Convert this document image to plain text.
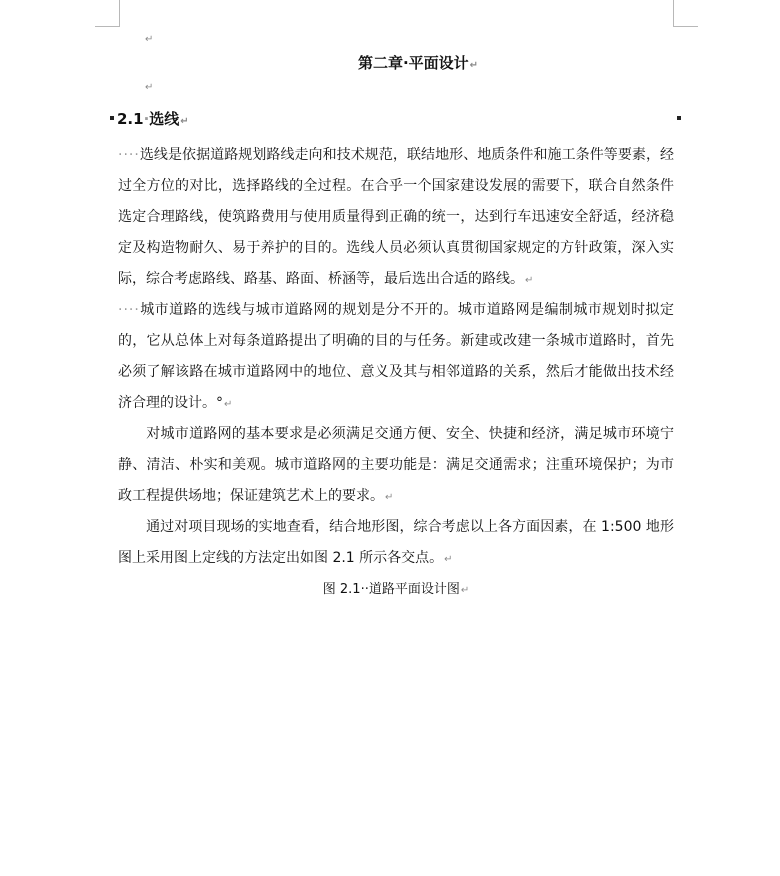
↵
第二章·平面设计↵
↵
2.1·选线↵

····选线是依据道路规划路线走向和技术规范，联结地形、地质条件和施工条件等要素，经过全方位的对比，选择路线的全过程。在合乎一个国家建设发展的需要下，联合自然条件选定合理路线，使筑路费用与使用质量得到正确的统一，达到行车迅速安全舒适，经济稳定及构造物耐久、易于养护的目的。选线人员必须认真贯彻国家规定的方针政策，深入实际，综合考虑路线、路基、路面、桥涵等，最后选出合适的路线。↵

····城市道路的选线与城市道路网的规划是分不开的。城市道路网是编制城市规划时拟定的，它从总体上对每条道路提出了明确的目的与任务。新建或改建一条城市道路时，首先必须了解该路在城市道路网中的地位、意义及其与相邻道路的关系，然后才能做出技术经济合理的设计。°↵

对城市道路网的基本要求是必须满足交通方便、安全、快捷和经济，满足城市环境宁静、清洁、朴实和美观。城市道路网的主要功能是：满足交通需求；注重环境保护；为市政工程提供场地；保证建筑艺术上的要求。↵

通过对项目现场的实地查看，结合地形图，综合考虑以上各方面因素，在 1:500 地形图上采用图上定线的方法定出如图 2.1 所示各交点。↵

图 2.1··道路平面设计图↵
